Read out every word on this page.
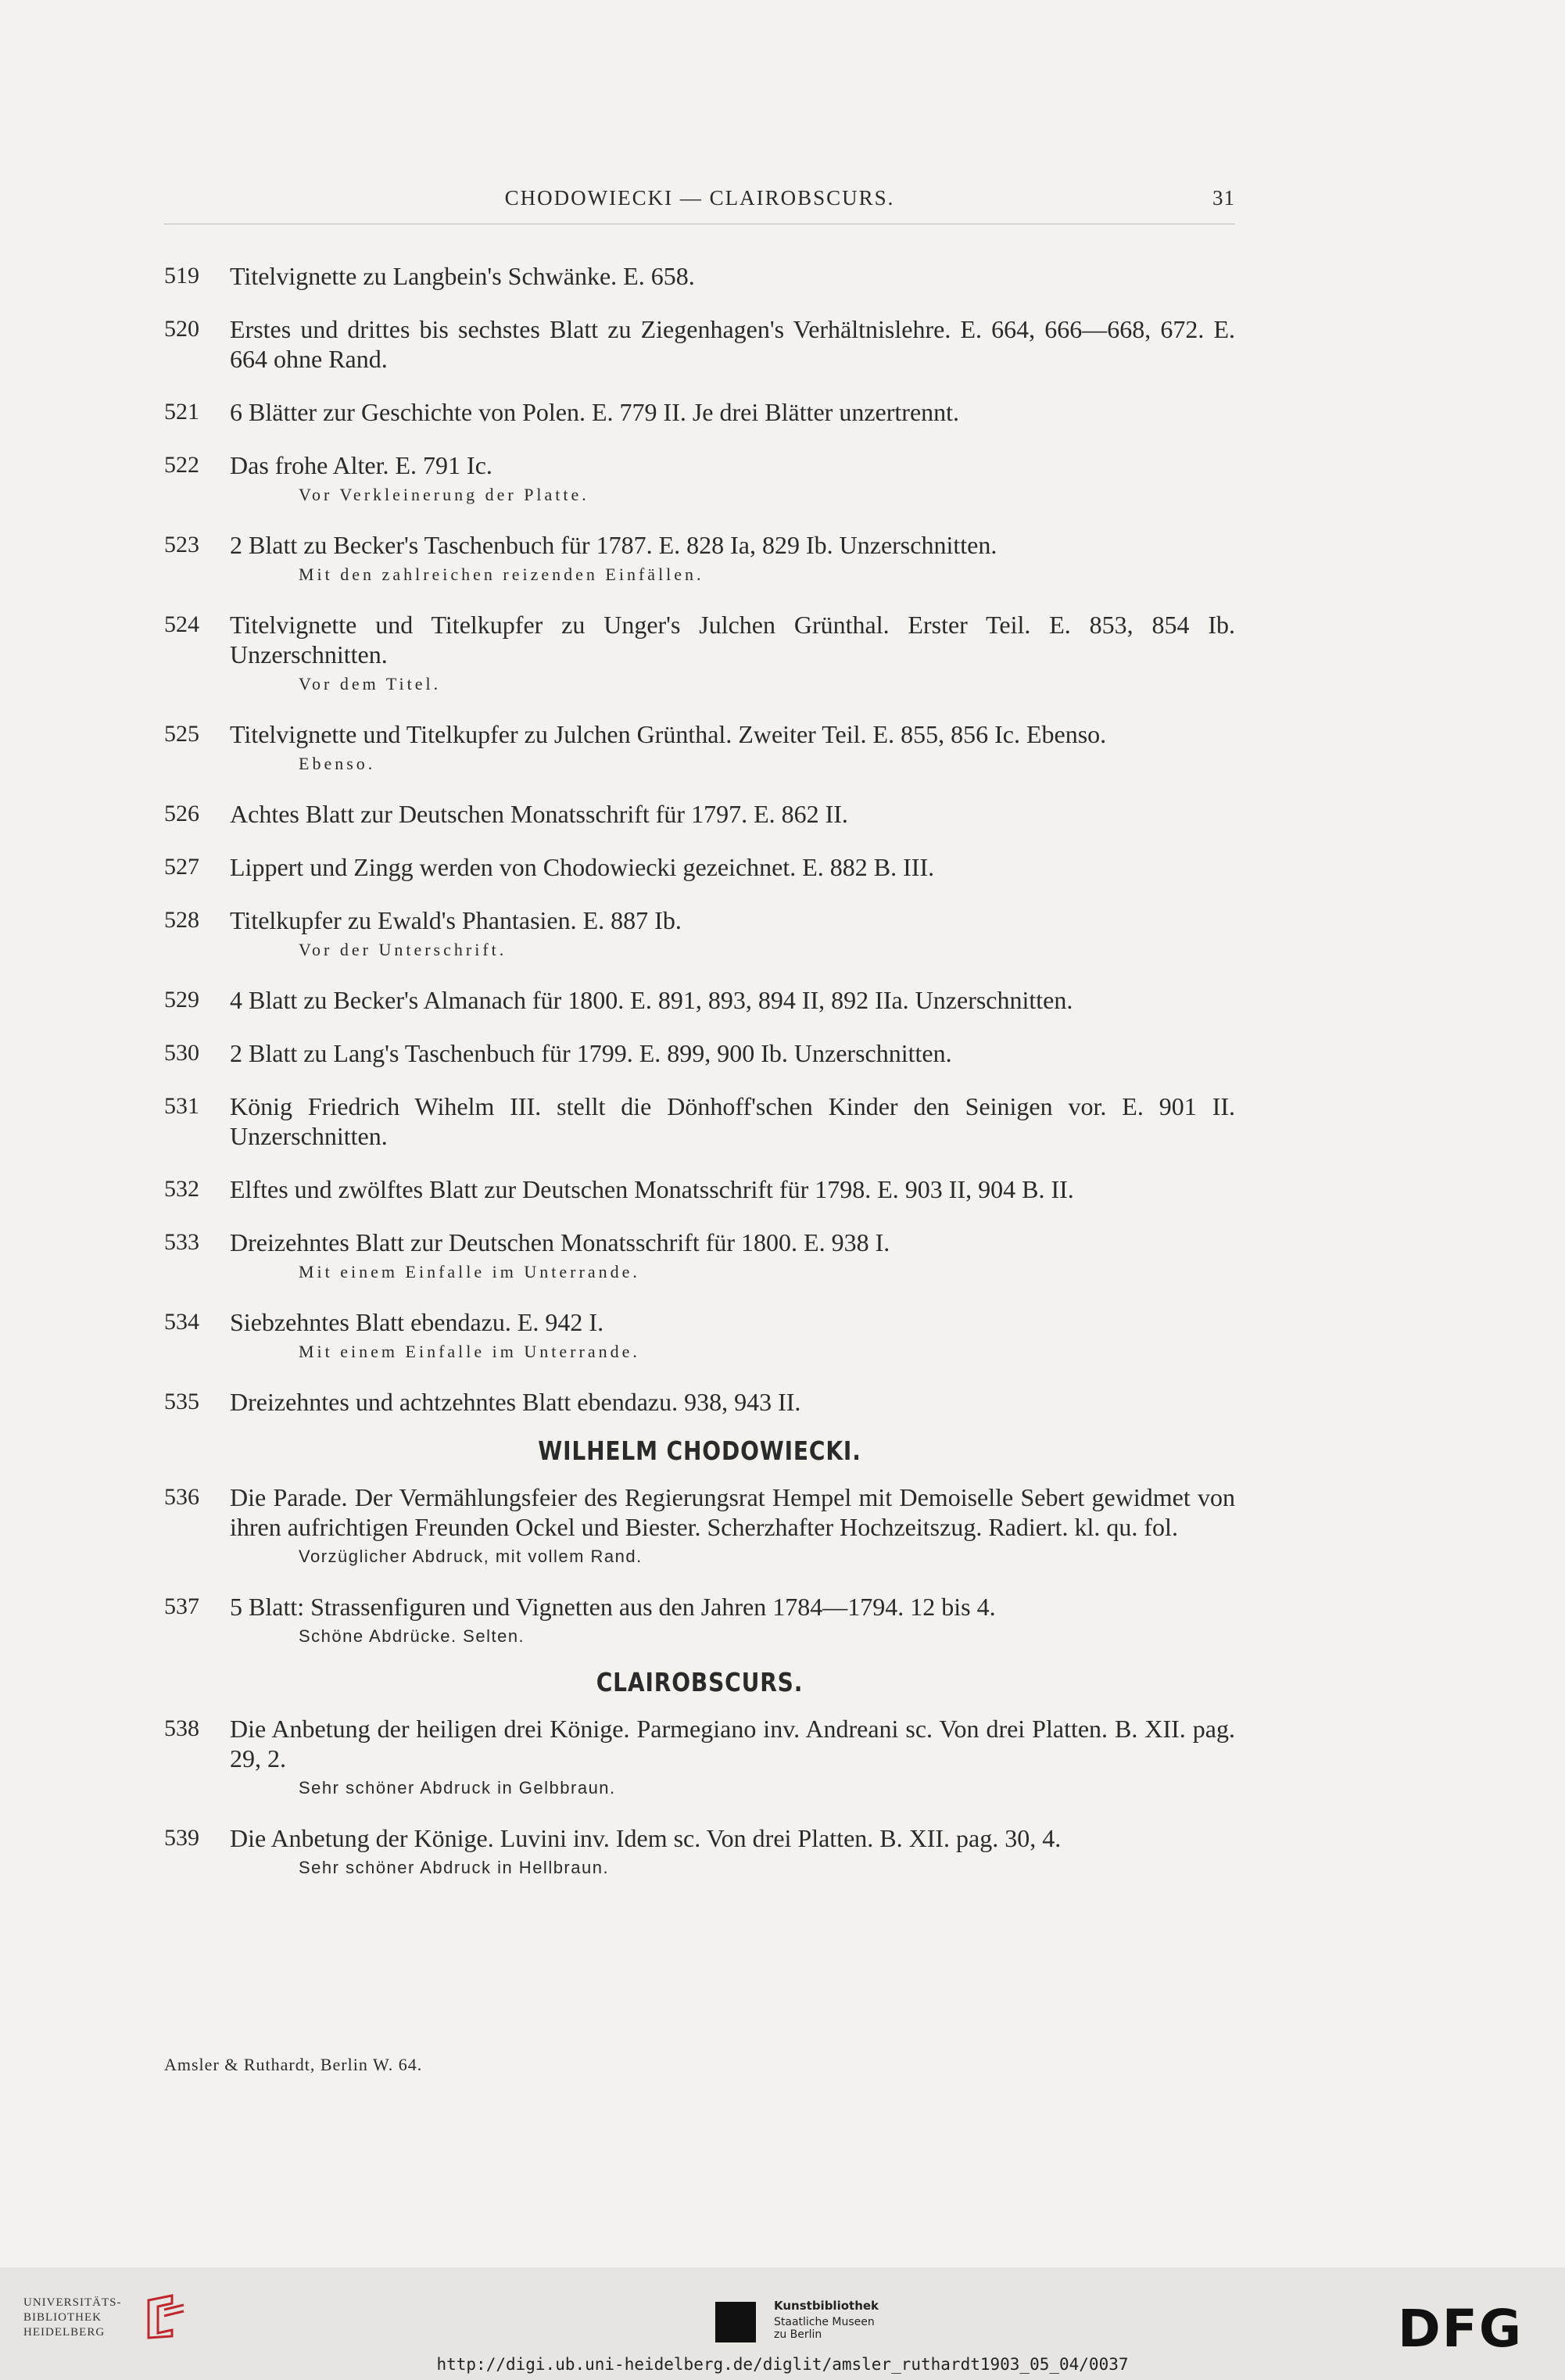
CHODOWIECKI — CLAIROBSCURS.	31
519 Titelvignette zu Langbein's Schwänke. E. 658.
520 Erstes und drittes bis sechstes Blatt zu Ziegenhagen's Verhältnislehre. E. 664, 666—668, 672. E. 664 ohne Rand.
521 6 Blätter zur Geschichte von Polen. E. 779 II. Je drei Blätter unzertrennt.
522 Das frohe Alter. E. 791 Ic.
Vor Verkleinerung der Platte.
523 2 Blatt zu Becker's Taschenbuch für 1787. E. 828 Ia, 829 Ib. Unzerschnitten.
Mit den zahlreichen reizenden Einfällen.
524 Titelvignette und Titelkupfer zu Unger's Julchen Grünthal. Erster Teil. E. 853, 854 Ib. Unzerschnitten.
Vor dem Titel.
525 Titelvignette und Titelkupfer zu Julchen Grünthal. Zweiter Teil. E. 855, 856 Ic. Ebenso.
Ebenso.
526 Achtes Blatt zur Deutschen Monatsschrift für 1797. E. 862 II.
527 Lippert und Zingg werden von Chodowiecki gezeichnet. E. 882 B. III.
528 Titelkupfer zu Ewald's Phantasien. E. 887 Ib.
Vor der Unterschrift.
529 4 Blatt zu Becker's Almanach für 1800. E. 891, 893, 894 II, 892 IIa. Unzerschnitten.
530 2 Blatt zu Lang's Taschenbuch für 1799. E. 899, 900 Ib. Unzerschnitten.
531 König Friedrich Wihelm III. stellt die Dönhoff'schen Kinder den Seinigen vor. E. 901 II. Unzerschnitten.
532 Elftes und zwölftes Blatt zur Deutschen Monatsschrift für 1798. E. 903 II, 904 B. II.
533 Dreizehntes Blatt zur Deutschen Monatsschrift für 1800. E. 938 I.
Mit einem Einfalle im Unterrande.
534 Siebzehntes Blatt ebendazu. E. 942 I.
Mit einem Einfalle im Unterrande.
535 Dreizehntes und achtzehntes Blatt ebendazu. 938, 943 II.
WILHELM CHODOWIECKI.
536 Die Parade. Der Vermählungsfeier des Regierungsrat Hempel mit Demoiselle Sebert gewidmet von ihren aufrichtigen Freunden Ockel und Biester. Scherzhafter Hochzeitszug. Radiert. kl. qu. fol.
Vorzüglicher Abdruck, mit vollem Rand.
537 5 Blatt: Strassenfiguren und Vignetten aus den Jahren 1784—1794. 12 bis 4.
Schöne Abdrücke. Selten.
CLAIROBSCURS.
538 Die Anbetung der heiligen drei Könige. Parmegiano inv. Andreani sc. Von drei Platten. B. XII. pag. 29, 2.
Sehr schöner Abdruck in Gelbbraun.
539 Die Anbetung der Könige. Luvini inv. Idem sc. Von drei Platten. B. XII. pag. 30, 4.
Sehr schöner Abdruck in Hellbraun.
Amsler & Ruthardt, Berlin W. 64.
UNIVERSITÄTS-
BIBLIOTHEK
HEIDELBERG
Kunstbibliothek
Staatliche Museen zu Berlin	DFG
http://digi.ub.uni-heidelberg.de/diglit/amsler_ruthardt1903_05_04/0037
